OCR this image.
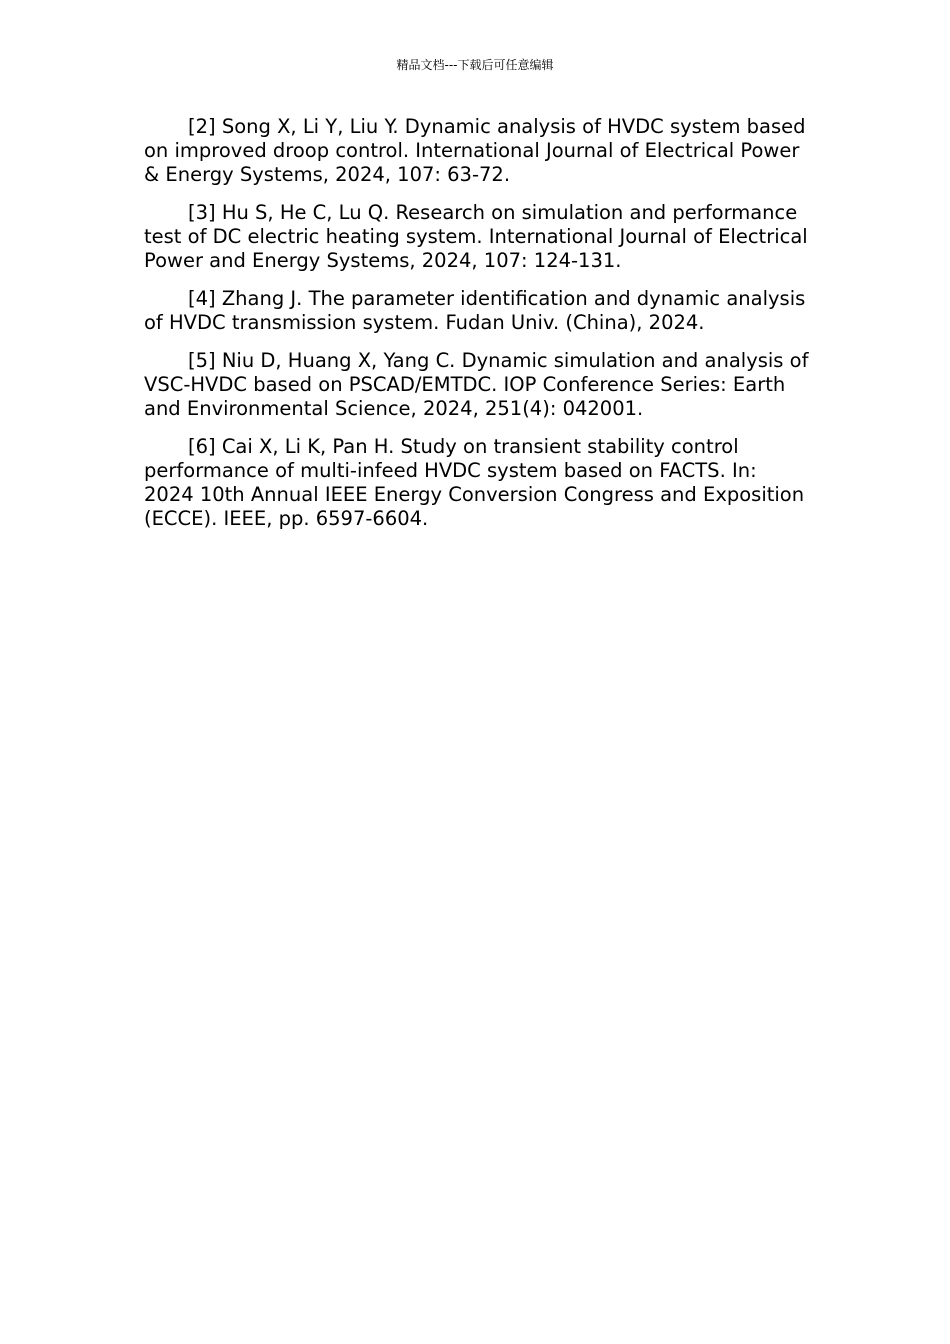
精品文档---下载后可任意编辑

[2] Song X, Li Y, Liu Y. Dynamic analysis of HVDC system based on improved droop control. International Journal of Electrical Power & Energy Systems, 2024, 107: 63-72.

[3] Hu S, He C, Lu Q. Research on simulation and performance test of DC electric heating system. International Journal of Electrical Power and Energy Systems, 2024, 107: 124-131.

[4] Zhang J. The parameter identification and dynamic analysis of HVDC transmission system. Fudan Univ. (China), 2024.

[5] Niu D, Huang X, Yang C. Dynamic simulation and analysis of VSC-HVDC based on PSCAD/EMTDC. IOP Conference Series: Earth and Environmental Science, 2024, 251(4): 042001.

[6] Cai X, Li K, Pan H. Study on transient stability control performance of multi-infeed HVDC system based on FACTS. In: 2024 10th Annual IEEE Energy Conversion Congress and Exposition (ECCE). IEEE, pp. 6597-6604.
